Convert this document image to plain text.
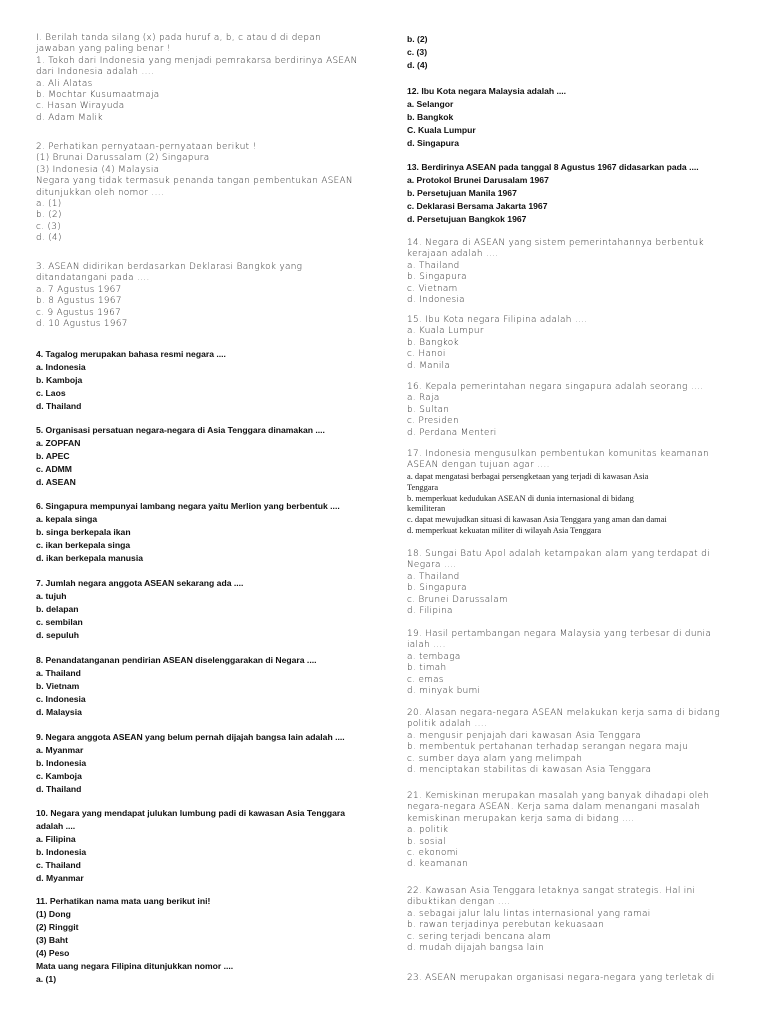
I. Berilah tanda silang (x) pada huruf a, b, c atau d di depan
jawaban yang paling benar !
1. Tokoh dari Indonesia yang menjadi pemrakarsa berdirinya ASEAN
dari Indonesia adalah ....
a. Ali Alatas
b. Mochtar Kusumaatmaja
c. Hasan Wirayuda
d. Adam Malik
2. Perhatikan pernyataan-pernyataan berikut !
(1) Brunai Darussalam (2) Singapura
(3) Indonesia (4) Malaysia
Negara yang tidak termasuk penanda tangan pembentukan ASEAN
ditunjukkan oleh nomor ....
a. (1)
b. (2)
c. (3)
d. (4)
3. ASEAN didirikan berdasarkan Deklarasi Bangkok yang
ditandatangani pada ....
a. 7 Agustus 1967
b. 8 Agustus 1967
c. 9 Agustus 1967
d. 10 Agustus 1967
4. Tagalog merupakan bahasa resmi negara ....
a. Indonesia
b. Kamboja
c. Laos
d. Thailand
5. Organisasi persatuan negara-negara di Asia Tenggara dinamakan ....
a. ZOPFAN
b. APEC
c. ADMM
d. ASEAN
6. Singapura mempunyai lambang negara yaitu Merlion yang berbentuk ....
a. kepala singa
b. singa berkepala ikan
c. ikan berkepala singa
d. ikan berkepala manusia
7. Jumlah negara anggota ASEAN sekarang ada ....
a. tujuh
b. delapan
c. sembilan
d. sepuluh
8. Penandatanganan pendirian ASEAN diselenggarakan di Negara ....
a. Thailand
b. Vietnam
c. Indonesia
d. Malaysia
9. Negara anggota ASEAN yang belum pernah dijajah bangsa lain adalah ....
a. Myanmar
b. Indonesia
c. Kamboja
d. Thailand
10. Negara yang mendapat julukan lumbung padi di kawasan Asia Tenggara
adalah ....
a. Filipina
b. Indonesia
c. Thailand
d. Myanmar
11. Perhatikan nama mata uang berikut ini!
(1) Dong
(2) Ringgit
(3) Baht
(4) Peso
Mata uang negara Filipina ditunjukkan nomor ....
a. (1)
b. (2)
c. (3)
d. (4)
12. Ibu Kota negara Malaysia adalah ....
a. Selangor
b. Bangkok
C. Kuala Lumpur
d. Singapura
13. Berdirinya ASEAN pada tanggal 8 Agustus 1967 didasarkan pada ....
a. Protokol Brunei Darusalam 1967
b. Persetujuan Manila 1967
c. Deklarasi Bersama Jakarta 1967
d. Persetujuan Bangkok 1967
14. Negara di ASEAN yang sistem pemerintahannya berbentuk
kerajaan adalah ....
a. Thailand
b. Singapura
c. Vietnam
d. Indonesia
15. Ibu Kota negara Filipina adalah ....
a. Kuala Lumpur
b. Bangkok
c. Hanoi
d. Manila
16. Kepala pemerintahan negara singapura adalah seorang ....
a. Raja
b. Sultan
c. Presiden
d. Perdana Menteri
17. Indonesia mengusulkan pembentukan komunitas keamanan
ASEAN dengan tujuan agar ....
a. dapat mengatasi berbagai persengketaan yang terjadi di kawasan Asia
Tenggara
b. memperkuat kedudukan ASEAN di dunia internasional di bidang
kemiliteran
c. dapat mewujudkan situasi di kawasan Asia Tenggara yang aman dan damai
d. memperkuat kekuatan militer di wilayah Asia Tenggara
18. Sungai Batu Apol adalah ketampakan alam yang terdapat di
Negara ....
a. Thailand
b. Singapura
c. Brunei Darussalam
d. Filipina
19. Hasil pertambangan negara Malaysia yang terbesar di dunia
ialah ....
a. tembaga
b. timah
c. emas
d. minyak bumi
20. Alasan negara-negara ASEAN melakukan kerja sama di bidang
politik adalah ....
a. mengusir penjajah dari kawasan Asia Tenggara
b. membentuk pertahanan terhadap serangan negara maju
c. sumber daya alam yang melimpah
d. menciptakan stabilitas di kawasan Asia Tenggara
21. Kemiskinan merupakan masalah yang banyak dihadapi oleh
negara-negara ASEAN. Kerja sama dalam menangani masalah
kemiskinan merupakan kerja sama di bidang ....
a. politik
b. sosial
c. ekonomi
d. keamanan
22. Kawasan Asia Tenggara letaknya sangat strategis. Hal ini
dibuktikan dengan ....
a. sebagai jalur lalu lintas internasional yang ramai
b. rawan terjadinya perebutan kekuasaan
c. sering terjadi bencana alam
d. mudah dijajah bangsa lain
23. ASEAN merupakan organisasi negara-negara yang terletak di
